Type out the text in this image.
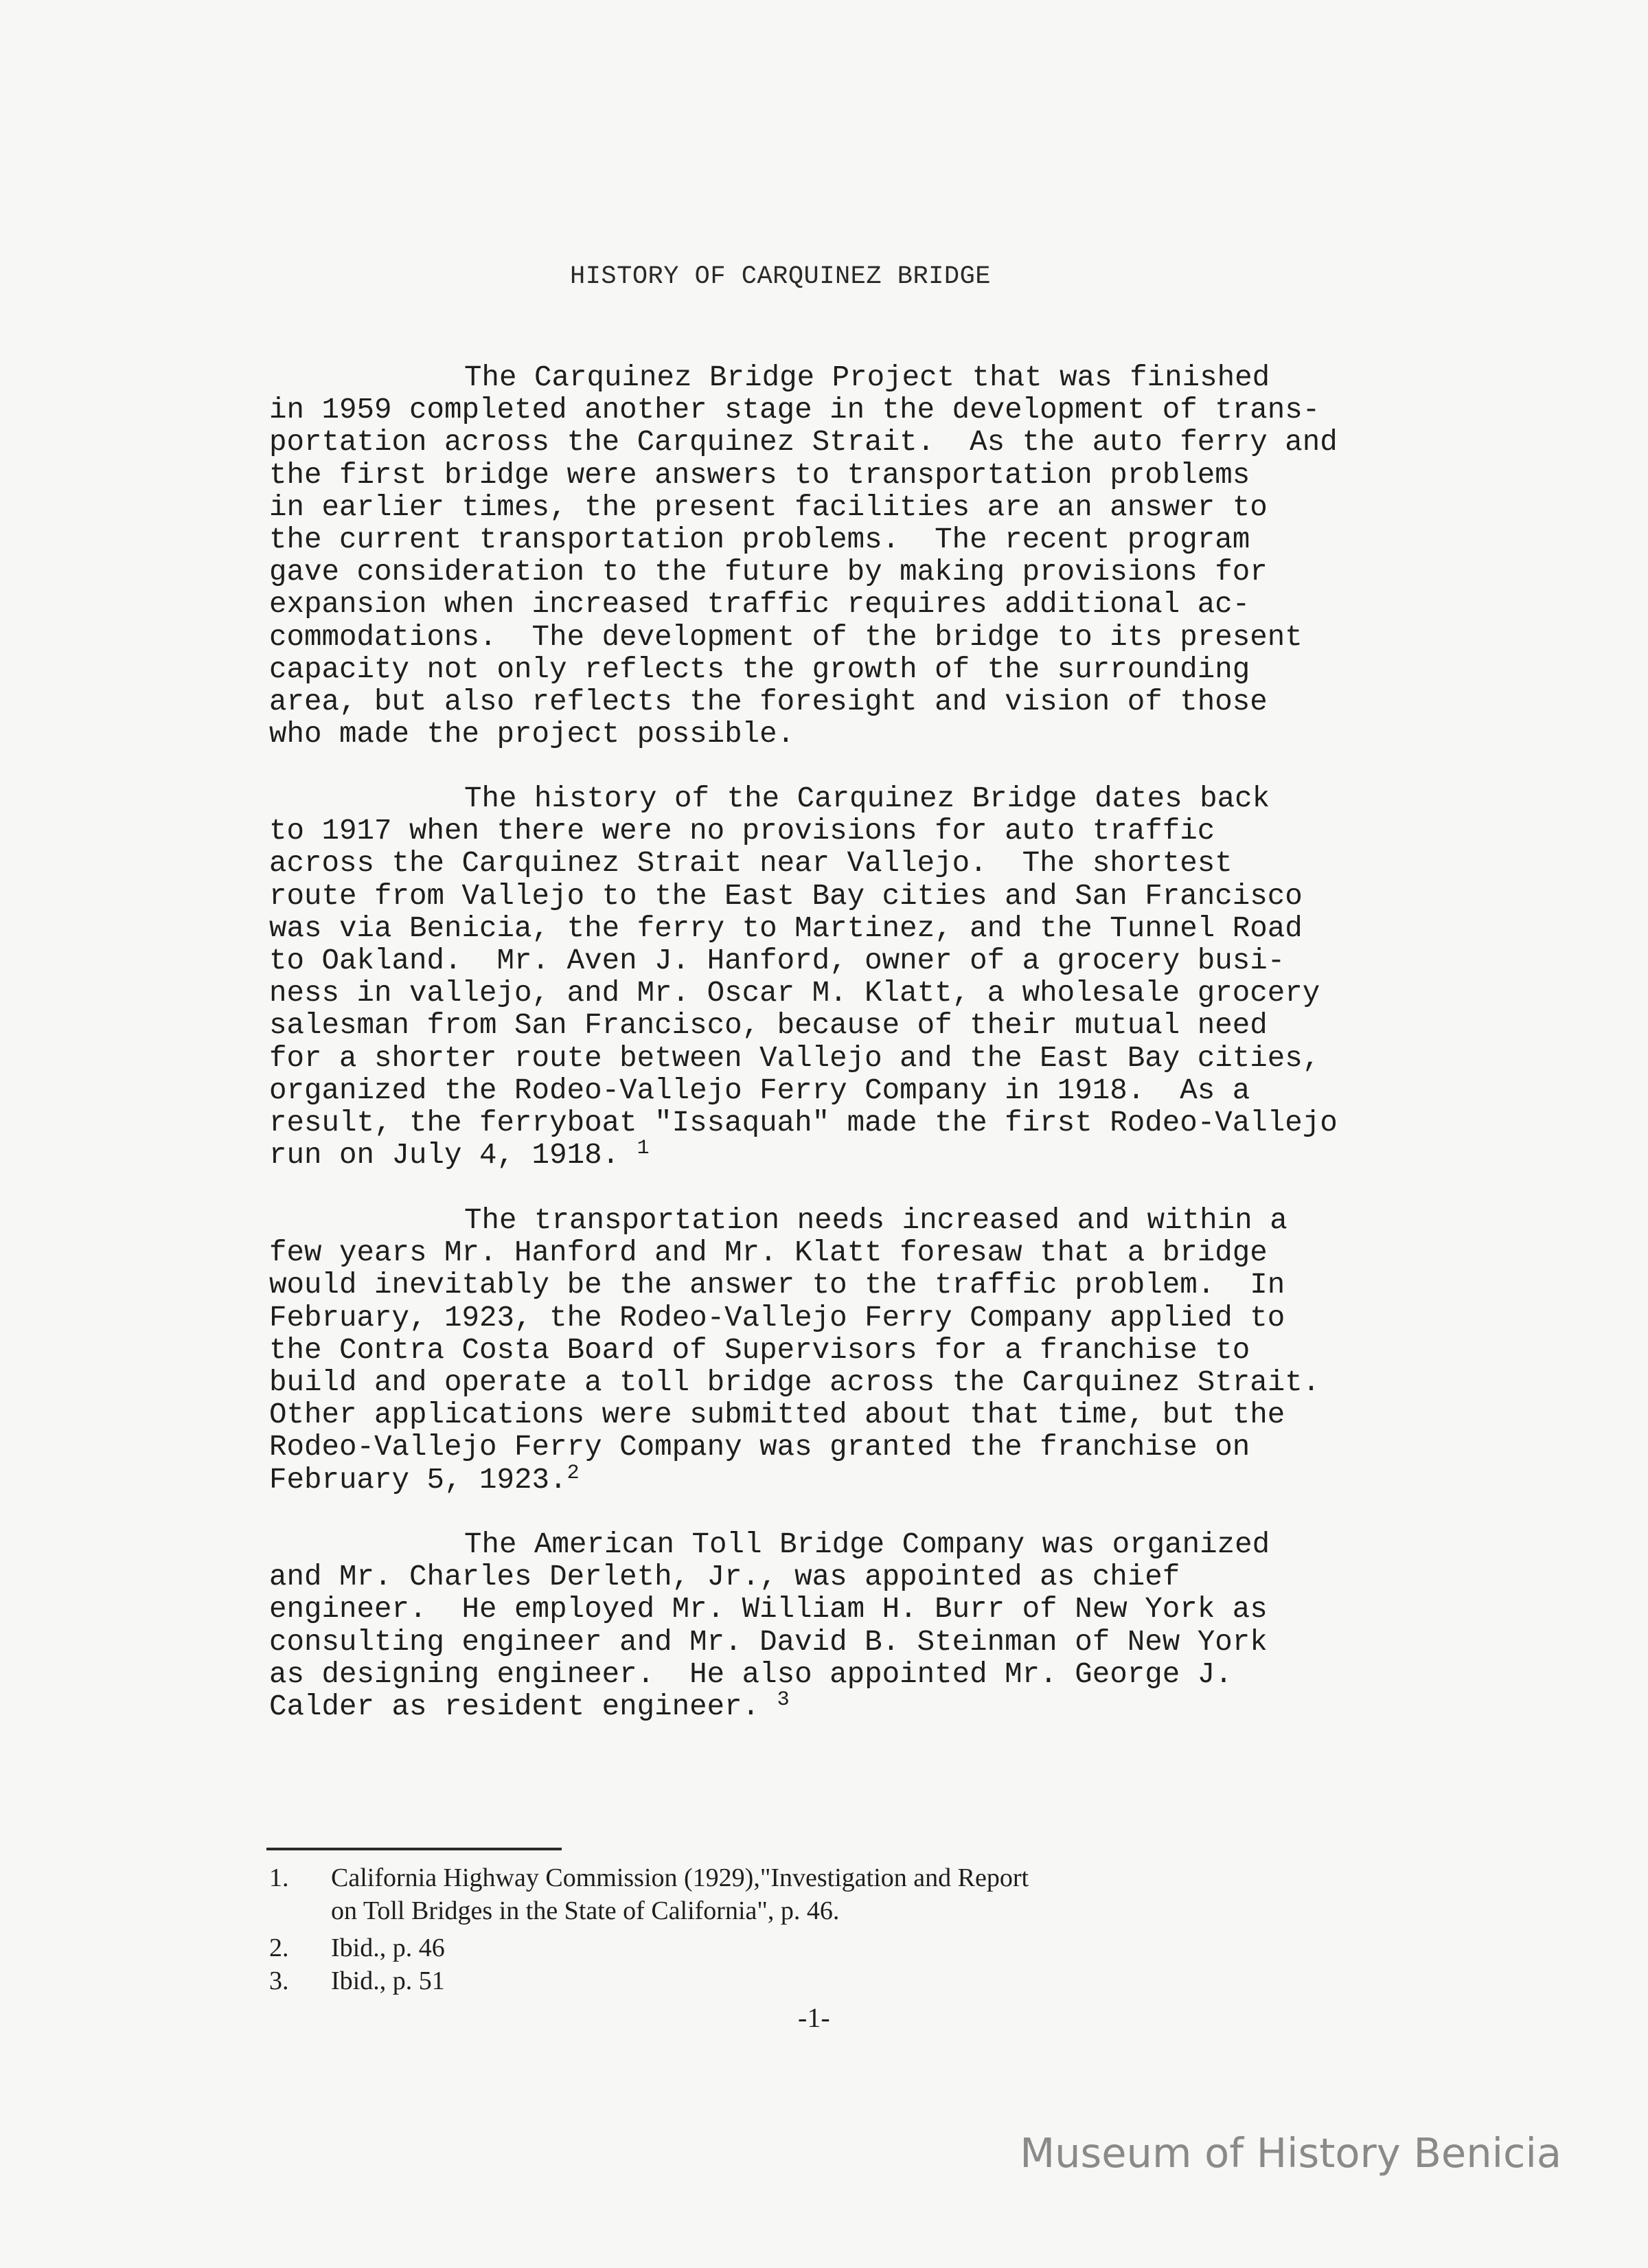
HISTORY OF CARQUINEZ BRIDGE
The Carquinez Bridge Project that was finished
in 1959 completed another stage in the development of trans-
portation across the Carquinez Strait.  As the auto ferry and
the first bridge were answers to transportation problems
in earlier times, the present facilities are an answer to
the current transportation problems.  The recent program
gave consideration to the future by making provisions for
expansion when increased traffic requires additional ac-
commodations.  The development of the bridge to its present
capacity not only reflects the growth of the surrounding
area, but also reflects the foresight and vision of those
who made the project possible.
The history of the Carquinez Bridge dates back
to 1917 when there were no provisions for auto traffic
across the Carquinez Strait near Vallejo.  The shortest
route from Vallejo to the East Bay cities and San Francisco
was via Benicia, the ferry to Martinez, and the Tunnel Road
to Oakland.  Mr. Aven J. Hanford, owner of a grocery busi-
ness in vallejo, and Mr. Oscar M. Klatt, a wholesale grocery
salesman from San Francisco, because of their mutual need
for a shorter route between Vallejo and the East Bay cities,
organized the Rodeo-Vallejo Ferry Company in 1918.  As a
result, the ferryboat "Issaquah" made the first Rodeo-Vallejo
run on July 4, 1918. $^1$
The transportation needs increased and within a
few years Mr. Hanford and Mr. Klatt foresaw that a bridge
would inevitably be the answer to the traffic problem.  In
February, 1923, the Rodeo-Vallejo Ferry Company applied to
the Contra Costa Board of Supervisors for a franchise to
build and operate a toll bridge across the Carquinez Strait.
Other applications were submitted about that time, but the
Rodeo-Vallejo Ferry Company was granted the franchise on
February 5, 1923.$^2$
The American Toll Bridge Company was organized
and Mr. Charles Derleth, Jr., was appointed as chief
engineer.  He employed Mr. William H. Burr of New York as
consulting engineer and Mr. David B. Steinman of New York
as designing engineer.  He also appointed Mr. George J.
Calder as resident engineer. $^3$
1.	California Highway Commission (1929),"Investigation and Report
on Toll Bridges in the State of California", p. 46.
2.	Ibid., p. 46
3.	Ibid., p. 51
-1-
Museum of History Benicia
